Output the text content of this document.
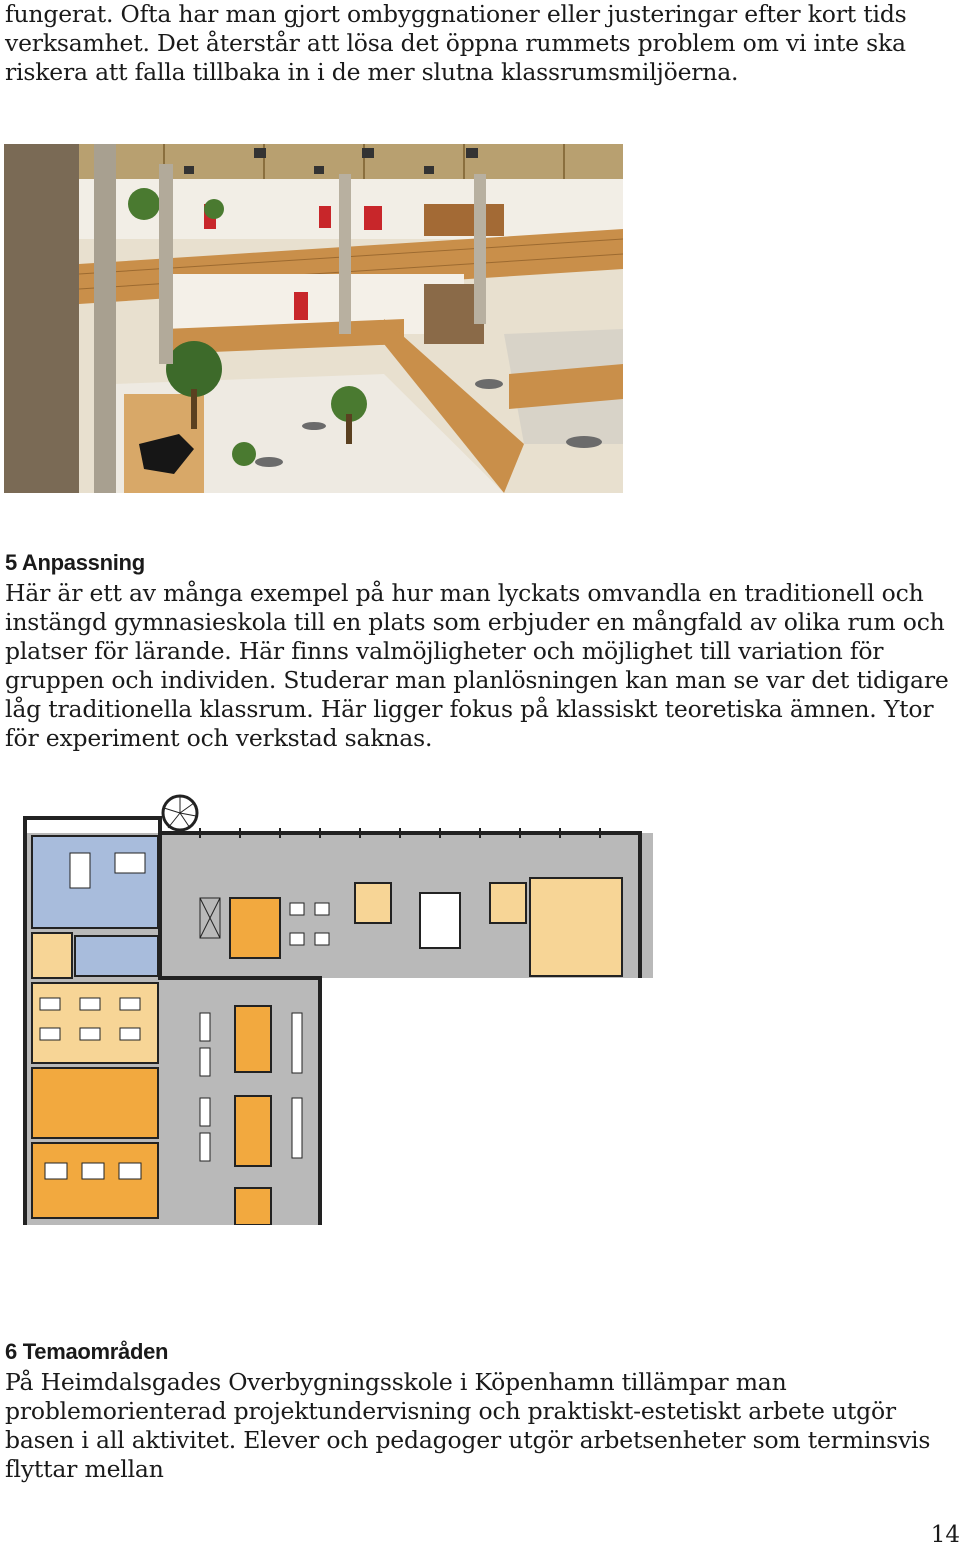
fungerat. Ofta har man gjort ombyggnationer eller justeringar efter kort tids verksamhet. Det återstår att lösa det öppna rummets problem om vi inte ska riskera att falla tillbaka in i de mer slutna klassrumsmiljöerna.

5 Anpassning

Här är ett av många exempel på hur man lyckats omvandla en traditionell och instängd gymnasieskola till en plats som erbjuder en mångfald av olika rum och platser för lärande. Här finns valmöjligheter och möjlighet till variation för gruppen och individen. Studerar man planlösningen kan man se var det tidigare låg traditionella klassrum. Här ligger fokus på klassiskt teoretiska ämnen. Ytor för experiment och verkstad saknas.

6 Temaområden

På Heimdalsgades Overbygningsskole i Köpenhamn tillämpar man problemorienterad projektundervisning och praktiskt-estetiskt arbete utgör basen i all aktivitet. Elever och pedagoger utgör arbetsenheter som terminsvis flyttar mellan

14
